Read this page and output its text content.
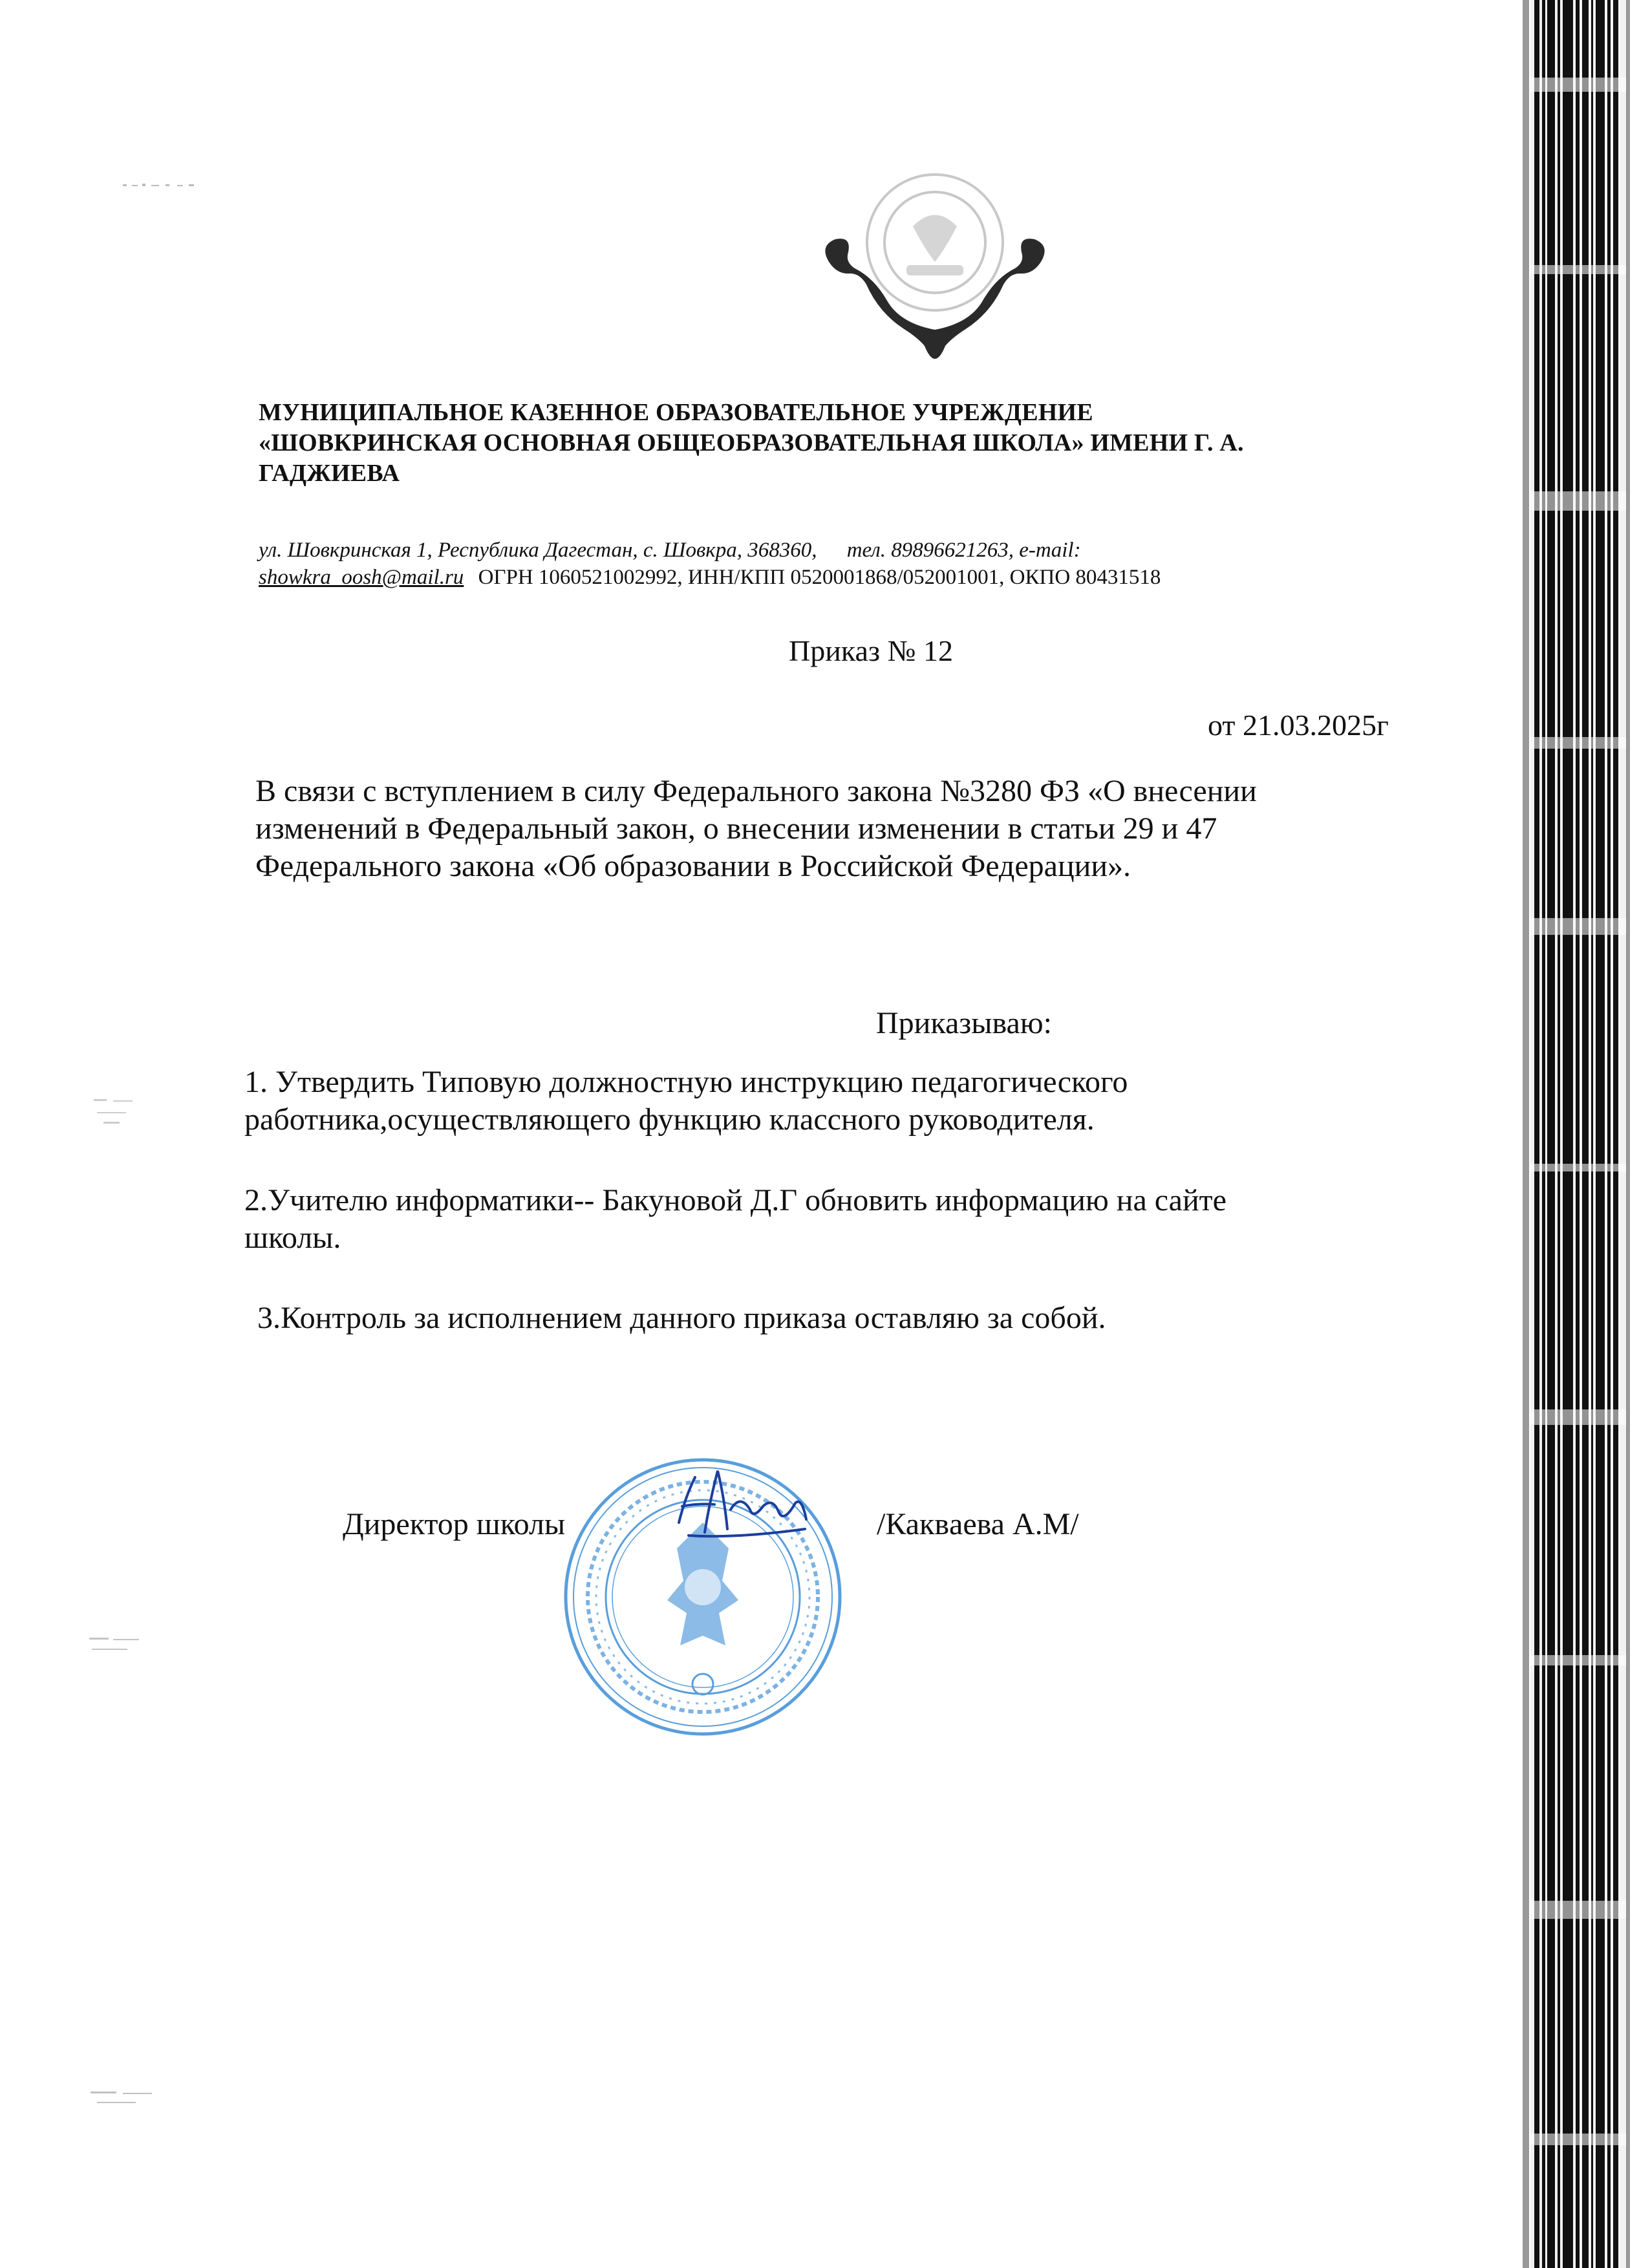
МУНИЦИПАЛЬНОЕ КАЗЕННОЕ ОБРАЗОВАТЕЛЬНОЕ УЧРЕЖДЕНИЕ
«ШОВКРИНСКАЯ ОСНОВНАЯ ОБЩЕОБРАЗОВАТЕЛЬНАЯ ШКОЛА» ИМЕНИ Г. А.
ГАДЖИЕВА
ул. Шовкринская 1, Республика Дагестан, с. Шовкра, 368360, тел. 89896621263, e-mail:
showkra_oosh@mail.ru ОГРН 1060521002992, ИНН/КПП 0520001868/052001001, ОКПО 80431518
Приказ № 12
от 21.03.2025г
В связи с вступлением в силу Федерального закона №3280 ФЗ «О внесении
изменений в Федеральный закон, о внесении изменении в статьи 29 и 47
Федерального закона «Об образовании в Российской Федерации».
Приказываю:
1. Утвердить Типовую должностную инструкцию педагогического
работника,осуществляющего функцию классного руководителя.
2.Учителю информатики-- Бакуновой Д.Г обновить информацию на сайте
школы.
3.Контроль за исполнением данного приказа оставляю за собой.
Директор школы	/Каквaева А.М/
